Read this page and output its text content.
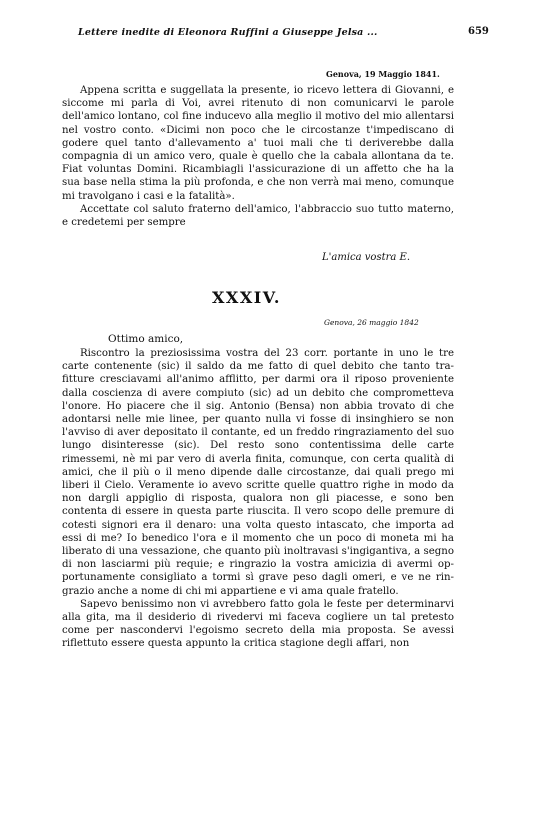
Lettere inedite di Eleonora Ruffini a Giuseppe Jelsa ...	659
Genova, 19 Maggio 1841.

Appena scritta e suggellata la presente, io ricevo lettera di Giovanni, e siccome mi parla di Voi, avrei ritenuto di non comunicarvi le parole dell'amico lontano, col fine inducevo alla meglio il motivo del mio allentarsi nel vostro conto. «Dicimi non poco che le circostanze t'impediscano di godere quel tanto d'allevamento a' tuoi mali che ti deriverebbe dalla compagnia di un amico vero, quale è quello che la cabala allontana da te. Fiat voluntas Domini. Ricambiagli l'assicurazione di un affetto che ha la sua base nella stima la più profonda, e che non verrà mai meno, comunque mi travolgano i casi e la fatalità».

Accettate col saluto fraterno dell'amico, l'abbraccio suo tutto materno, e credetemi per sempre

L'amica vostra E.
XXXIV.
Genova, 26 maggio 1842
Ottimo amico,

Riscontro la preziosissima vostra del 23 corr. portante in uno le tre carte contenente (sic) il saldo da me fatto di quel debito che tanto trafitture cresciavami all'animo afflitto, per darmi ora il riposo proveniente dalla coscienza di avere compiuto (sic) ad un debito che comprometteva l'onore. Ho piacere che il sig. Antonio (Bensa) non abbia trovato di che adontarsi nelle mie linee, per quanto nulla vi fosse di insinghiero se non l'avviso di aver depositato il contante, ed un freddo ringraziamento del suo lungo disinteresse (sic). Del resto sono contentissima delle carte rimessemi, nè mi par vero di averla finita, comunque, con certa qualità di amici, che il più o il meno dipende dalle circostanze, dai quali prego mi liberi il Cielo. Veramente io avevo scritte quelle quattro righe in modo da non dargli appiglio di risposta, qualora non gli piacesse, e sono ben contenta di essere in questa parte riuscita. Il vero scopo delle premure di cotesti signori era il denaro: una volta questo intascato, che importa ad essi di me? Io benedico l'ora e il momento che un poco di moneta mi ha liberato di una vessazione, che quanto più inoltravasi s'ingigantiva, a segno di non lasciarmi più requie; e ringrazio la vostra amicizia di avermi opportunamente consigliato a tormi sì grave peso dagli omeri, e ve ne ringrazio anche a nome di chi mi appartiene e vi ama quale fratello.

Sapevo benissimo non vi avrebbero fatto gola le feste per determinarvi alla gita, ma il desiderio di rivedervi mi faceva cogliere un tal pretesto come per nascondervi l'egoismo secreto della mia proposta. Se avessi riflettuto essere questa appunto la critica stagione degli affari, non
